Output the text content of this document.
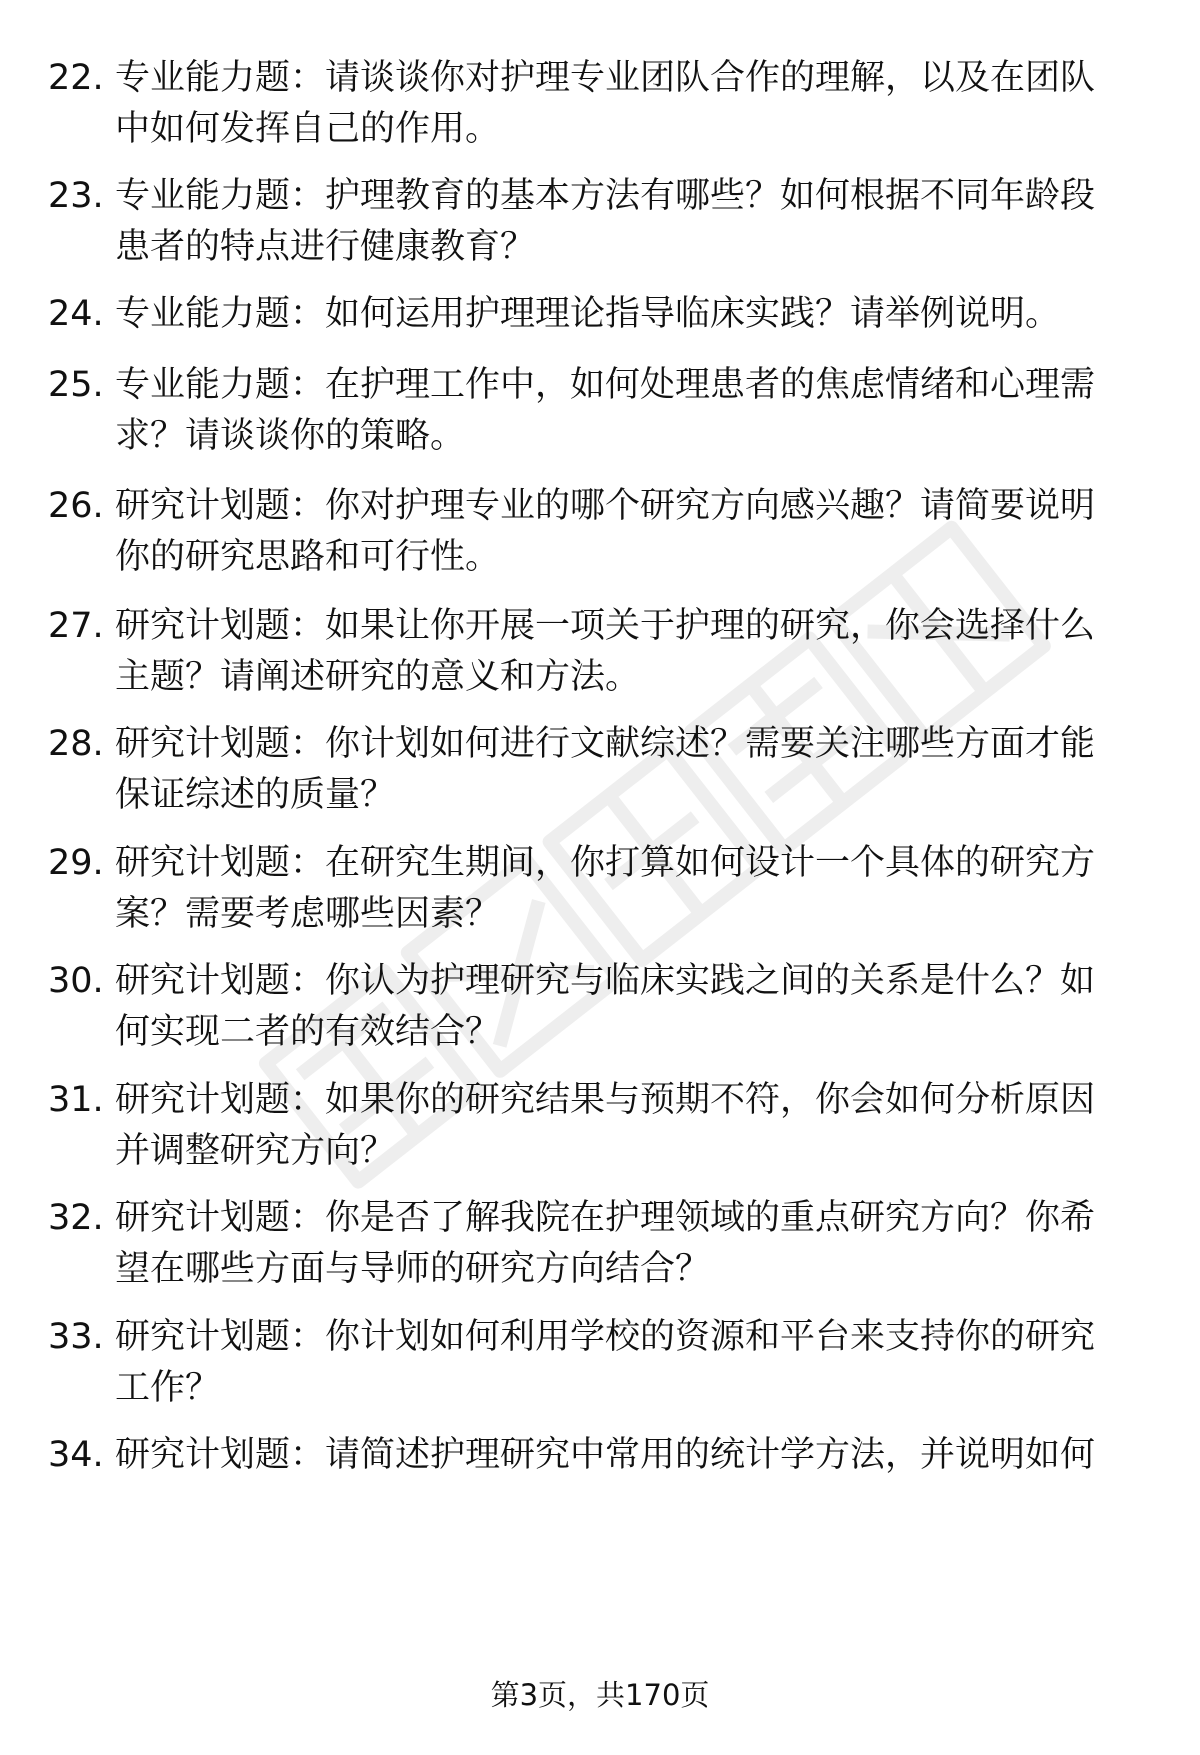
22. 专业能力题：请谈谈你对护理专业团队合作的理解，以及在团队
中如何发挥自己的作用。
23. 专业能力题：护理教育的基本方法有哪些？如何根据不同年龄段
患者的特点进行健康教育？
24. 专业能力题：如何运用护理理论指导临床实践？请举例说明。
25. 专业能力题：在护理工作中，如何处理患者的焦虑情绪和心理需
求？请谈谈你的策略。
26. 研究计划题：你对护理专业的哪个研究方向感兴趣？请简要说明
你的研究思路和可行性。
27. 研究计划题：如果让你开展一项关于护理的研究，你会选择什么
主题？请阐述研究的意义和方法。
28. 研究计划题：你计划如何进行文献综述？需要关注哪些方面才能
保证综述的质量？
29. 研究计划题：在研究生期间，你打算如何设计一个具体的研究方
案？需要考虑哪些因素？
30. 研究计划题：你认为护理研究与临床实践之间的关系是什么？如
何实现二者的有效结合？
31. 研究计划题：如果你的研究结果与预期不符，你会如何分析原因
并调整研究方向？
32. 研究计划题：你是否了解我院在护理领域的重点研究方向？你希
望在哪些方面与导师的研究方向结合？
33. 研究计划题：你计划如何利用学校的资源和平台来支持你的研究
工作？
34. 研究计划题：请简述护理研究中常用的统计学方法，并说明如何
第3页，共170页
